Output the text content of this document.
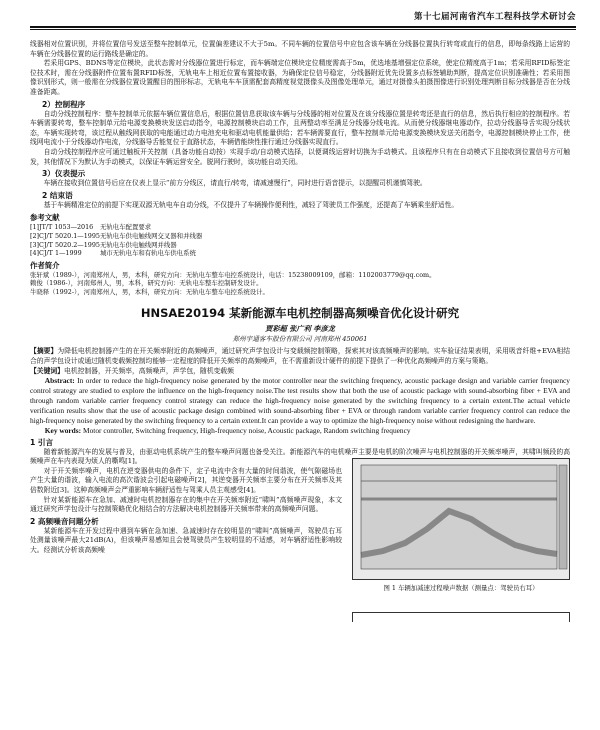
第十七届河南省汽车工程科技学术研讨会

线器相对位置识别，并将位置信号发送至整车控制单元，位置偏差建议不大于5m。不同车辆的位置信号中应包含该车辆在分线器位置执行转弯或直行的信息，即每条线路上运营的车辆在分线器位置的运行路线是确定的。

若采用GPS、BDNS等定位模块，此状态需对分线器位置进行标定，而车辆端定位模块定位精度需高于5m，优选地基增强定位系统，使定位精度高于1m；若采用RFID标签定位技术时，需在分线器附件位置布置RFID标签，无轨电车上相近位置布置接收器，为确保定位信号稳定，分线器附近优先设置多点标签辅助判断，提高定位识别准确性；若采用图像识别形式，则一般需在分线器位置设置醒目的图形标志，无轨电车车顶需配套高精度视觉摄像头及图像处理单元，通过对摄像头拍摄图像进行识别处理判断目标分线器是否在分线准备距离。

2）控制程序

自动分线控制程序：整车控制单元依据车辆位置信息后，根据位置信息获取该车辆与分线器的相对位置及在该分线器位置是转弯还是直行的信息，然后执行相应的控制程序。若车辆需要转弯，整车控制单元给电源变换模块发送启动指令，电源控制模块启动工作，且两整动率至满足分线器分线电流。从而使分线器继电器动作，拉动分线器导舌实现分线状态，车辆实现转弯，该过程从触线网获取的电能通过动力电池充电和驱动电机能量供给；若车辆需要直行，整车控制单元给电源变换模块发送关闭指令，电源控制模块停止工作，使线网电流小于分线器动作电流，分线器导舌能复位于直路状态，车辆借能续性推行通过分线器实现直行。

自动分线控制程序应可通过触板开关控制（具备功能自动按）实现手动/自动模式选择，以便调线运营时切换为手动模式。且该程序只有在自动模式下且接收到位置信号方可触发，其他情况下为默认为手动模式，以保证车辆运营安全。脱网行驶时，该功能自动关闭。

3）仪表提示

车辆在接收到位置信号后应在仪表上显示“前方分线区，请直行/转弯，请减速慢行”，同时进行语音提示，以提醒司机谨慎驾驶。

2 结束语

基于车辆精准定位的前提下实现双源无轨电车自动分线，不仅提升了车辆操作便利性，减轻了驾驶员工作强度，还提高了车辆乘坐舒适性。

参考文献
[1]JT/T 1053—2016 无轨电车配置要求
[2]CJ/T 5020.1—1995无轨电车供电触线网交叉器和并线器
[3]CJ/T 5020.2—1995无轨电车供电触线网并线器
[4]CJ/T 1—1999	城市无轨电车和有轨电车供电系统
作者简介
张轩斌（1989-），河南郑州人，男，本科，研究方向：无轨电车整车电控系统设计，电话：15238009109，邮箱：1102003779@qq.com。
赖俊（1986-），河南郑州人，男，本科，研究方向：无轨电车整车控制研发设计。
牛晓释（1992-），河南郑州人，男，本科，研究方向：无轨电车整车电控系统设计。
HNSAE20194 某新能源车电机控制器高频噪音优化设计研究
贾彩超 张广利 李彦龙
郑州宇通客车股份有限公司 河南郑州 450061
【摘要】为降低电机控制器产生的在开关频率附近的高频噪声，通过研究声学包设计与变载频控制策略，探索其对该高频噪声的影响。实车验证结果表明，采用吸音纤维+EVA相结合的声学包设计或通过随机变载频控制均能够一定程度的降低开关频率的高频噪声，在不需重新设计硬件的前提下提供了一种优化高频噪声的方案与策略。
【关键词】电机控制器，开关频率，高频噪声，声学包，随机变载频
Abstract: In order to reduce the high-frequency noise generated by the motor controller near the switching frequency, acoustic package design and variable carrier frequency control strategy are studied to explore the influence on the high-frequency noise.The test results show that both the use of acoustic package with sound-absorbing fiber + EVA and through random variable carrier frequency control strategy can reduce the high-frequency noise generated by the switching frequency to a certain extent.The actual vehicle verification results show that the use of acoustic package design combined with sound-absorbing fiber + EVA or through random variable carrier frequency control can reduce the high-frequency noise generated by the switching frequency to a certain extent.It can provide a way to optimize the high-frequency noise without redesigning the hardware.
Key words: Motor controller, Switching frequency, High-frequency noise, Acoustic package, Random switching frequency
1 引言

随着新能源汽车的发展与普及，由驱动电机系统产生的整车噪声问题也备受关注。新能源汽车的电机噪声主要是电机的阶次噪声与电机控制器的开关频率噪声，其啸叫频段的高频噪声在车内表现为烦人的嘶鸣[1]。

对于开关频率噪声，电机在逆变器供电的条件下，定子电流中含有大量的时间谐波，使气隙磁场也产生大量的谐波，输入电流的高次谐波会引起电磁噪声[2]，其逆变器开关频率主要分布在开关频率及其倍数附近[3]。这种高频噪声会严重影响车辆舒适性与驾乘人员主观感受[4]。

针对某新能源车在急加、减速时电机控制器存在的集中在开关频率附近“啸叫”高频噪声现象，本文通过研究声学包设计与控制策略优化相结合的方法解决电机控制器开关频率带来的高频噪声问题。

2 高频噪音问题分析

某新能源车在开发过程中遇到车辆在急加速、急减速时存在较明显的“啸叫”高频噪声，驾驶员右耳处测量该噪声最大21dB(A)，但该噪声易感知且会使驾驶员产生较明显的不适感，对车辆舒适性影响较大。经测试分析该高频噪

图 1 车辆加减速过程噪声数据（测量点：驾驶员右耳）
